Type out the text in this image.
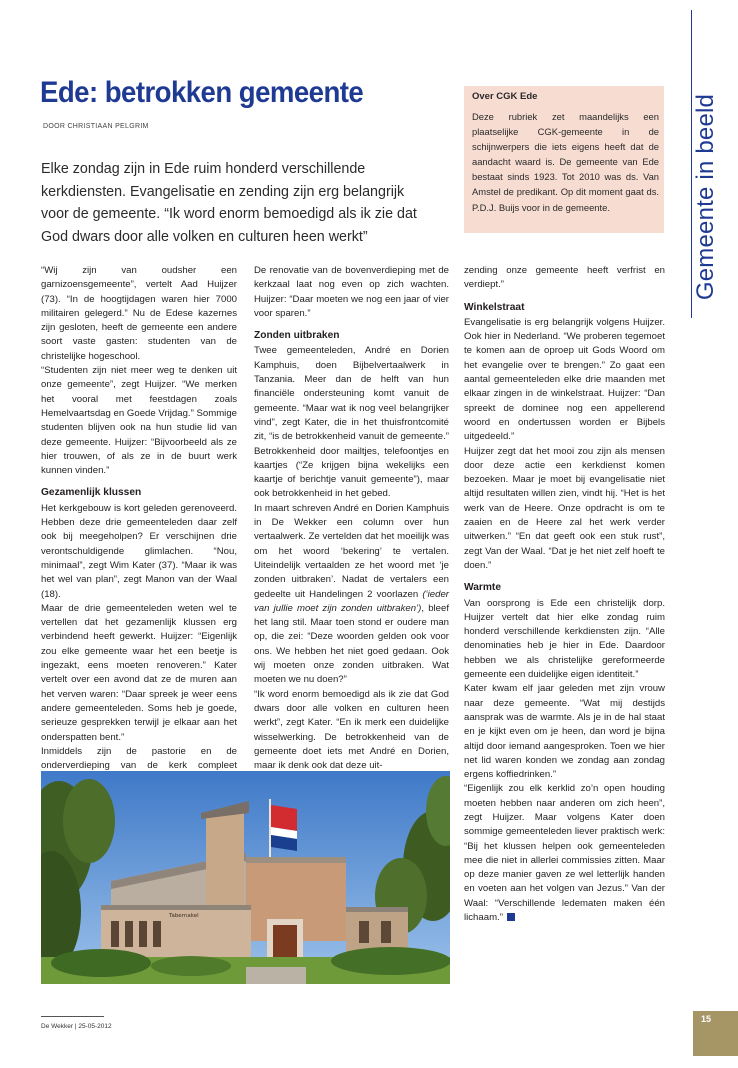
Ede: betrokken gemeente
DOOR CHRISTIAAN PELGRIM
Elke zondag zijn in Ede ruim honderd verschillende kerkdiensten. Evangelisatie en zending zijn erg belangrijk voor de gemeente. “Ik word enorm bemoedigd als ik zie dat God dwars door alle volken en culturen heen werkt”
Over CGK Ede
Deze rubriek zet maandelijks een plaatselijke CGK-gemeente in de schijnwerpers die iets eigens heeft dat de aandacht waard is. De gemeente van Ede bestaat sinds 1923. Tot 2010 was ds. Van Amstel de predikant. Op dit moment gaat ds. P.D.J. Buijs voor in de gemeente.	Gemeente in beeld

“Wij zijn van oudsher een garnizoensgemeente”, vertelt Aad Huijzer (73). “In de hoogtijdagen waren hier 7000 militairen gelegerd.” Nu de Edese kazernes zijn gesloten, heeft de gemeente een andere soort vaste gasten: studenten van de christelijke hogeschool.

“Studenten zijn niet meer weg te denken uit onze gemeente”, zegt Huijzer. “We merken het vooral met feestdagen zoals Hemelvaartsdag en Goede Vrijdag.” Sommige studenten blijven ook na hun studie lid van deze gemeente. Huijzer: “Bijvoorbeeld als ze hier trouwen, of als ze in de buurt werk kunnen vinden.”

Gezamenlijk klussen

Het kerkgebouw is kort geleden gerenoveerd. Hebben deze drie gemeenteleden daar zelf ook bij meegeholpen? Er verschijnen drie verontschuldigende glimlachen. “Nou, minimaal”, zegt Wim Kater (37). “Maar ik was het wel van plan”, zegt Manon van der Waal (18).

Maar de drie gemeenteleden weten wel te vertellen dat het gezamenlijk klussen erg verbindend heeft gewerkt. Huijzer: “Eigenlijk zou elke gemeente waar het een beetje is ingezakt, eens moeten renoveren.” Kater vertelt over een avond dat ze de muren aan het verven waren: “Daar spreek je weer eens andere gemeenteleden. Soms heb je goede, serieuze gesprekken terwijl je elkaar aan het onderspatten bent.”

Inmiddels zijn de pastorie en de onderverdieping van de kerk compleet

De renovatie van de bovenverdieping met de kerkzaal laat nog even op zich wachten. Huijzer: “Daar moeten we nog een jaar of vier voor sparen.”

Zonden uitbraken

Twee gemeenteleden, André en Dorien Kamphuis, doen Bijbelvertaalwerk in Tanzania. Meer dan de helft van hun financiële ondersteuning komt vanuit de gemeente. “Maar wat ik nog veel belangrijker vind”, zegt Kater, die in het thuisfrontcomité zit, “is de betrokkenheid vanuit de gemeente.” Betrokkenheid door mailtjes, telefoontjes en kaartjes (“Ze krijgen bijna wekelijks een kaartje of berichtje vanuit gemeente”), maar ook betrokkenheid in het gebed.

In maart schreven André en Dorien Kamphuis in De Wekker een column over hun vertaalwerk. Ze vertelden dat het moeilijk was om het woord ‘bekering’ te vertalen. Uiteindelijk vertaalden ze het woord met ‘je zonden uitbraken’. Nadat de vertalers een gedeelte uit Handelingen 2 voorlazen (‘ieder van jullie moet zijn zonden uitbraken’), bleef het lang stil. Maar toen stond er oudere man op, die zei: “Deze woorden gelden ook voor ons. We hebben het niet goed gedaan. Ook wij moeten onze zonden uitbraken. Wat moeten we nu doen?”

“Ik word enorm bemoedigd als ik zie dat God dwars door alle volken en culturen heen werkt”, zegt Kater. “En ik merk een duidelijke wisselwerking. De betrokkenheid van de gemeente doet iets met André en Dorien, maar ik denk ook dat deze uit-

zending onze gemeente heeft verfrist en verdiept.”

Winkelstraat

Evangelisatie is erg belangrijk volgens Huijzer. Ook hier in Nederland. “We proberen tegemoet te komen aan de oproep uit Gods Woord om het evangelie over te brengen.” Zo gaat een aantal gemeenteleden elke drie maanden met elkaar zingen in de winkelstraat. Huijzer: “Dan spreekt de dominee nog een appellerend woord en ondertussen worden er Bijbels uitgedeeld.”

Huijzer zegt dat het mooi zou zijn als mensen door deze actie een kerkdienst komen bezoeken. Maar je moet bij evangelisatie niet altijd resultaten willen zien, vindt hij. “Het is het werk van de Heere. Onze opdracht is om te zaaien en de Heere zal het werk verder uitwerken.” “En dat geeft ook een stuk rust”, zegt Van der Waal. “Dat je het niet zelf hoeft te doen.”

Warmte

Van oorsprong is Ede een christelijk dorp. Huijzer vertelt dat hier elke zondag ruim honderd verschillende kerkdiensten zijn. “Alle denominaties heb je hier in Ede. Daardoor hebben we als christelijke gereformeerde gemeente een duidelijke eigen identiteit.”

Kater kwam elf jaar geleden met zijn vrouw naar deze gemeente. “Wat mij destijds aansprak was de warmte. Als je in de hal staat en je kijkt even om je heen, dan word je bijna altijd door iemand aangesproken. Toen we hier net lid waren konden we zondag aan zondag ergens koffiedrinken.”

“Eigenlijk zou elk kerklid zo’n open houding moeten hebben naar anderen om zich heen”, zegt Huijzer. Maar volgens Kater doen sommige gemeenteleden liever praktisch werk: “Bij het klussen helpen ook gemeenteleden mee die niet in allerlei commissies zitten. Maar op deze manier gaven ze wel letterlijk handen en voeten aan het volgen van Jezus.” Van der Waal: “Verschillende ledematen maken één lichaam.”

Tabernakel
De Wekker | 25-05-2012
15
